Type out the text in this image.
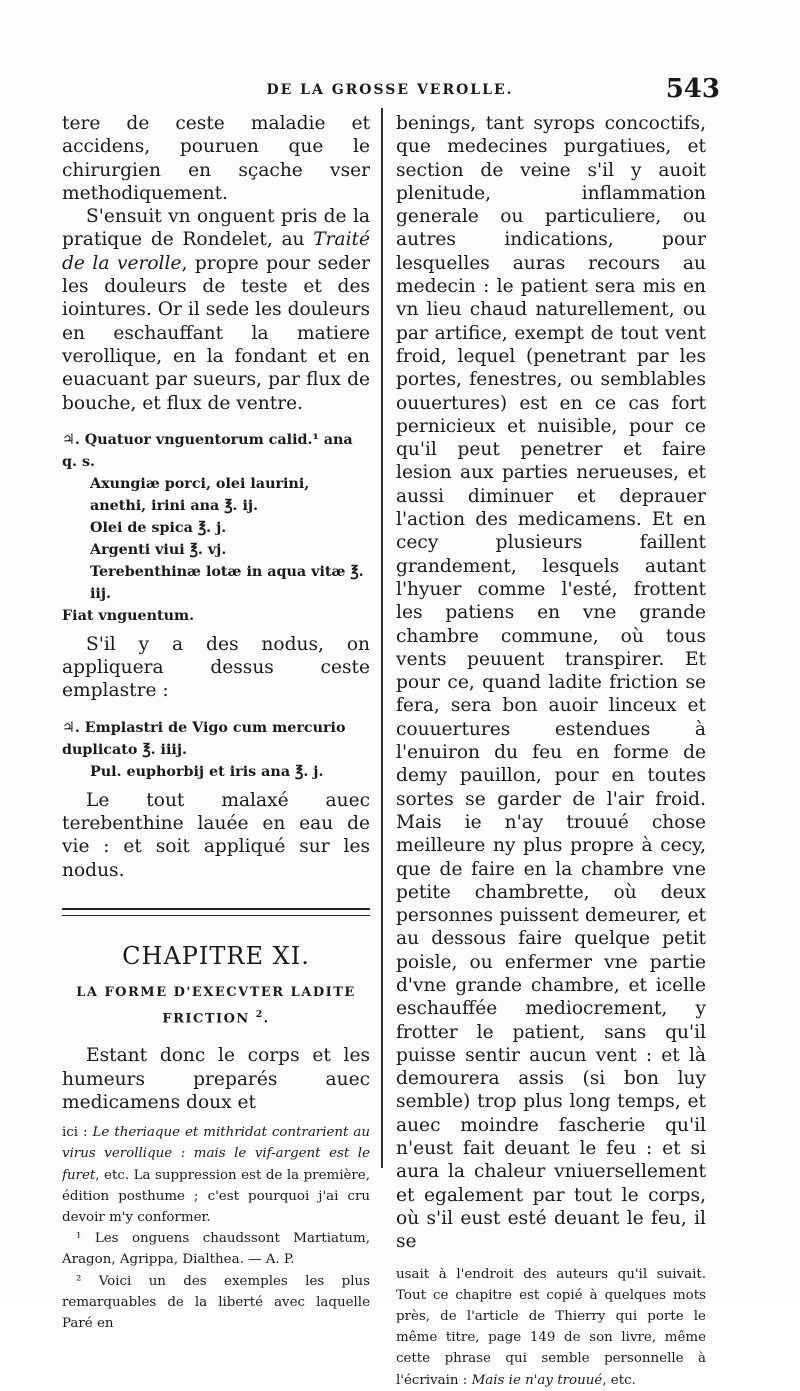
DE LA GROSSE VEROLLE.	543

tere de ceste maladie et accidens, pouruen que le chirurgien en sçache vser methodiquement.

S'ensuit vn onguent pris de la pratique de Rondelet, au Traité de la verolle, propre pour seder les douleurs de teste et des iointures. Or il sede les douleurs en eschauffant la matiere verollique, en la fondant et en euacuant par sueurs, par flux de bouche, et flux de ventre.

♃. Quatuor vnguentorum calid.¹ ana q. s.
Axungiæ porci, olei laurini, anethi, irini ana ℥. ij.
Olei de spica ℥. j.
Argenti viui ℥. vj.
Terebenthinæ lotæ in aqua vitæ ℥. iij.
Fiat vnguentum.

S'il y a des nodus, on appliquera dessus ceste emplastre :

♃. Emplastri de Vigo cum mercurio duplicato ℥. iiij.
Pul. euphorbij et iris ana ℥. j.

Le tout malaxé auec terebenthine lauée en eau de vie : et soit appliqué sur les nodus.

CHAPITRE XI.
LA FORME D'EXECVTER LADITE
FRICTION $^2$.

Estant donc le corps et les humeurs preparés auec medicamens doux et

ici : Le theriaque et mithridat contrarient au virus verollique : mais le vif-argent est le furet, etc. La suppression est de la première, édition posthume ; c'est pourquoi j'ai cru devoir m'y conformer.

¹ Les onguens chaudssont Martiatum, Aragon, Agrippa, Dialthea. — A. P.

² Voici un des exemples les plus remarquables de la liberté avec laquelle Paré en

benings, tant syrops concoctifs, que medecines purgatiues, et section de veine s'il y auoit plenitude, inflammation generale ou particuliere, ou autres indications, pour lesquelles auras recours au medecin : le patient sera mis en vn lieu chaud naturellement, ou par artifice, exempt de tout vent froid, lequel (penetrant par les portes, fenestres, ou semblables ouuertures) est en ce cas fort pernicieux et nuisible, pour ce qu'il peut penetrer et faire lesion aux parties nerueuses, et aussi diminuer et deprauer l'action des medicamens. Et en cecy plusieurs faillent grandement, lesquels autant l'hyuer comme l'esté, frottent les patiens en vne grande chambre commune, où tous vents peuuent transpirer. Et pour ce, quand ladite friction se fera, sera bon auoir linceux et couuertures estendues à l'enuiron du feu en forme de demy pauillon, pour en toutes sortes se garder de l'air froid. Mais ie n'ay trouué chose meilleure ny plus propre à cecy, que de faire en la chambre vne petite chambrette, où deux personnes puissent demeurer, et au dessous faire quelque petit poisle, ou enfermer vne partie d'vne grande chambre, et icelle eschauffée mediocrement, y frotter le patient, sans qu'il puisse sentir aucun vent : et là demourera assis (si bon luy semble) trop plus long temps, et auec moindre fascherie qu'il n'eust fait deuant le feu : et si aura la chaleur vniuersellement et egalement par tout le corps, où s'il eust esté deuant le feu, il se

usait à l'endroit des auteurs qu'il suivait. Tout ce chapitre est copié à quelques mots près, de l'article de Thierry qui porte le même titre, page 149 de son livre, même cette phrase qui semble personnelle à l'écrivain : Mais ie n'ay trouué, etc.
